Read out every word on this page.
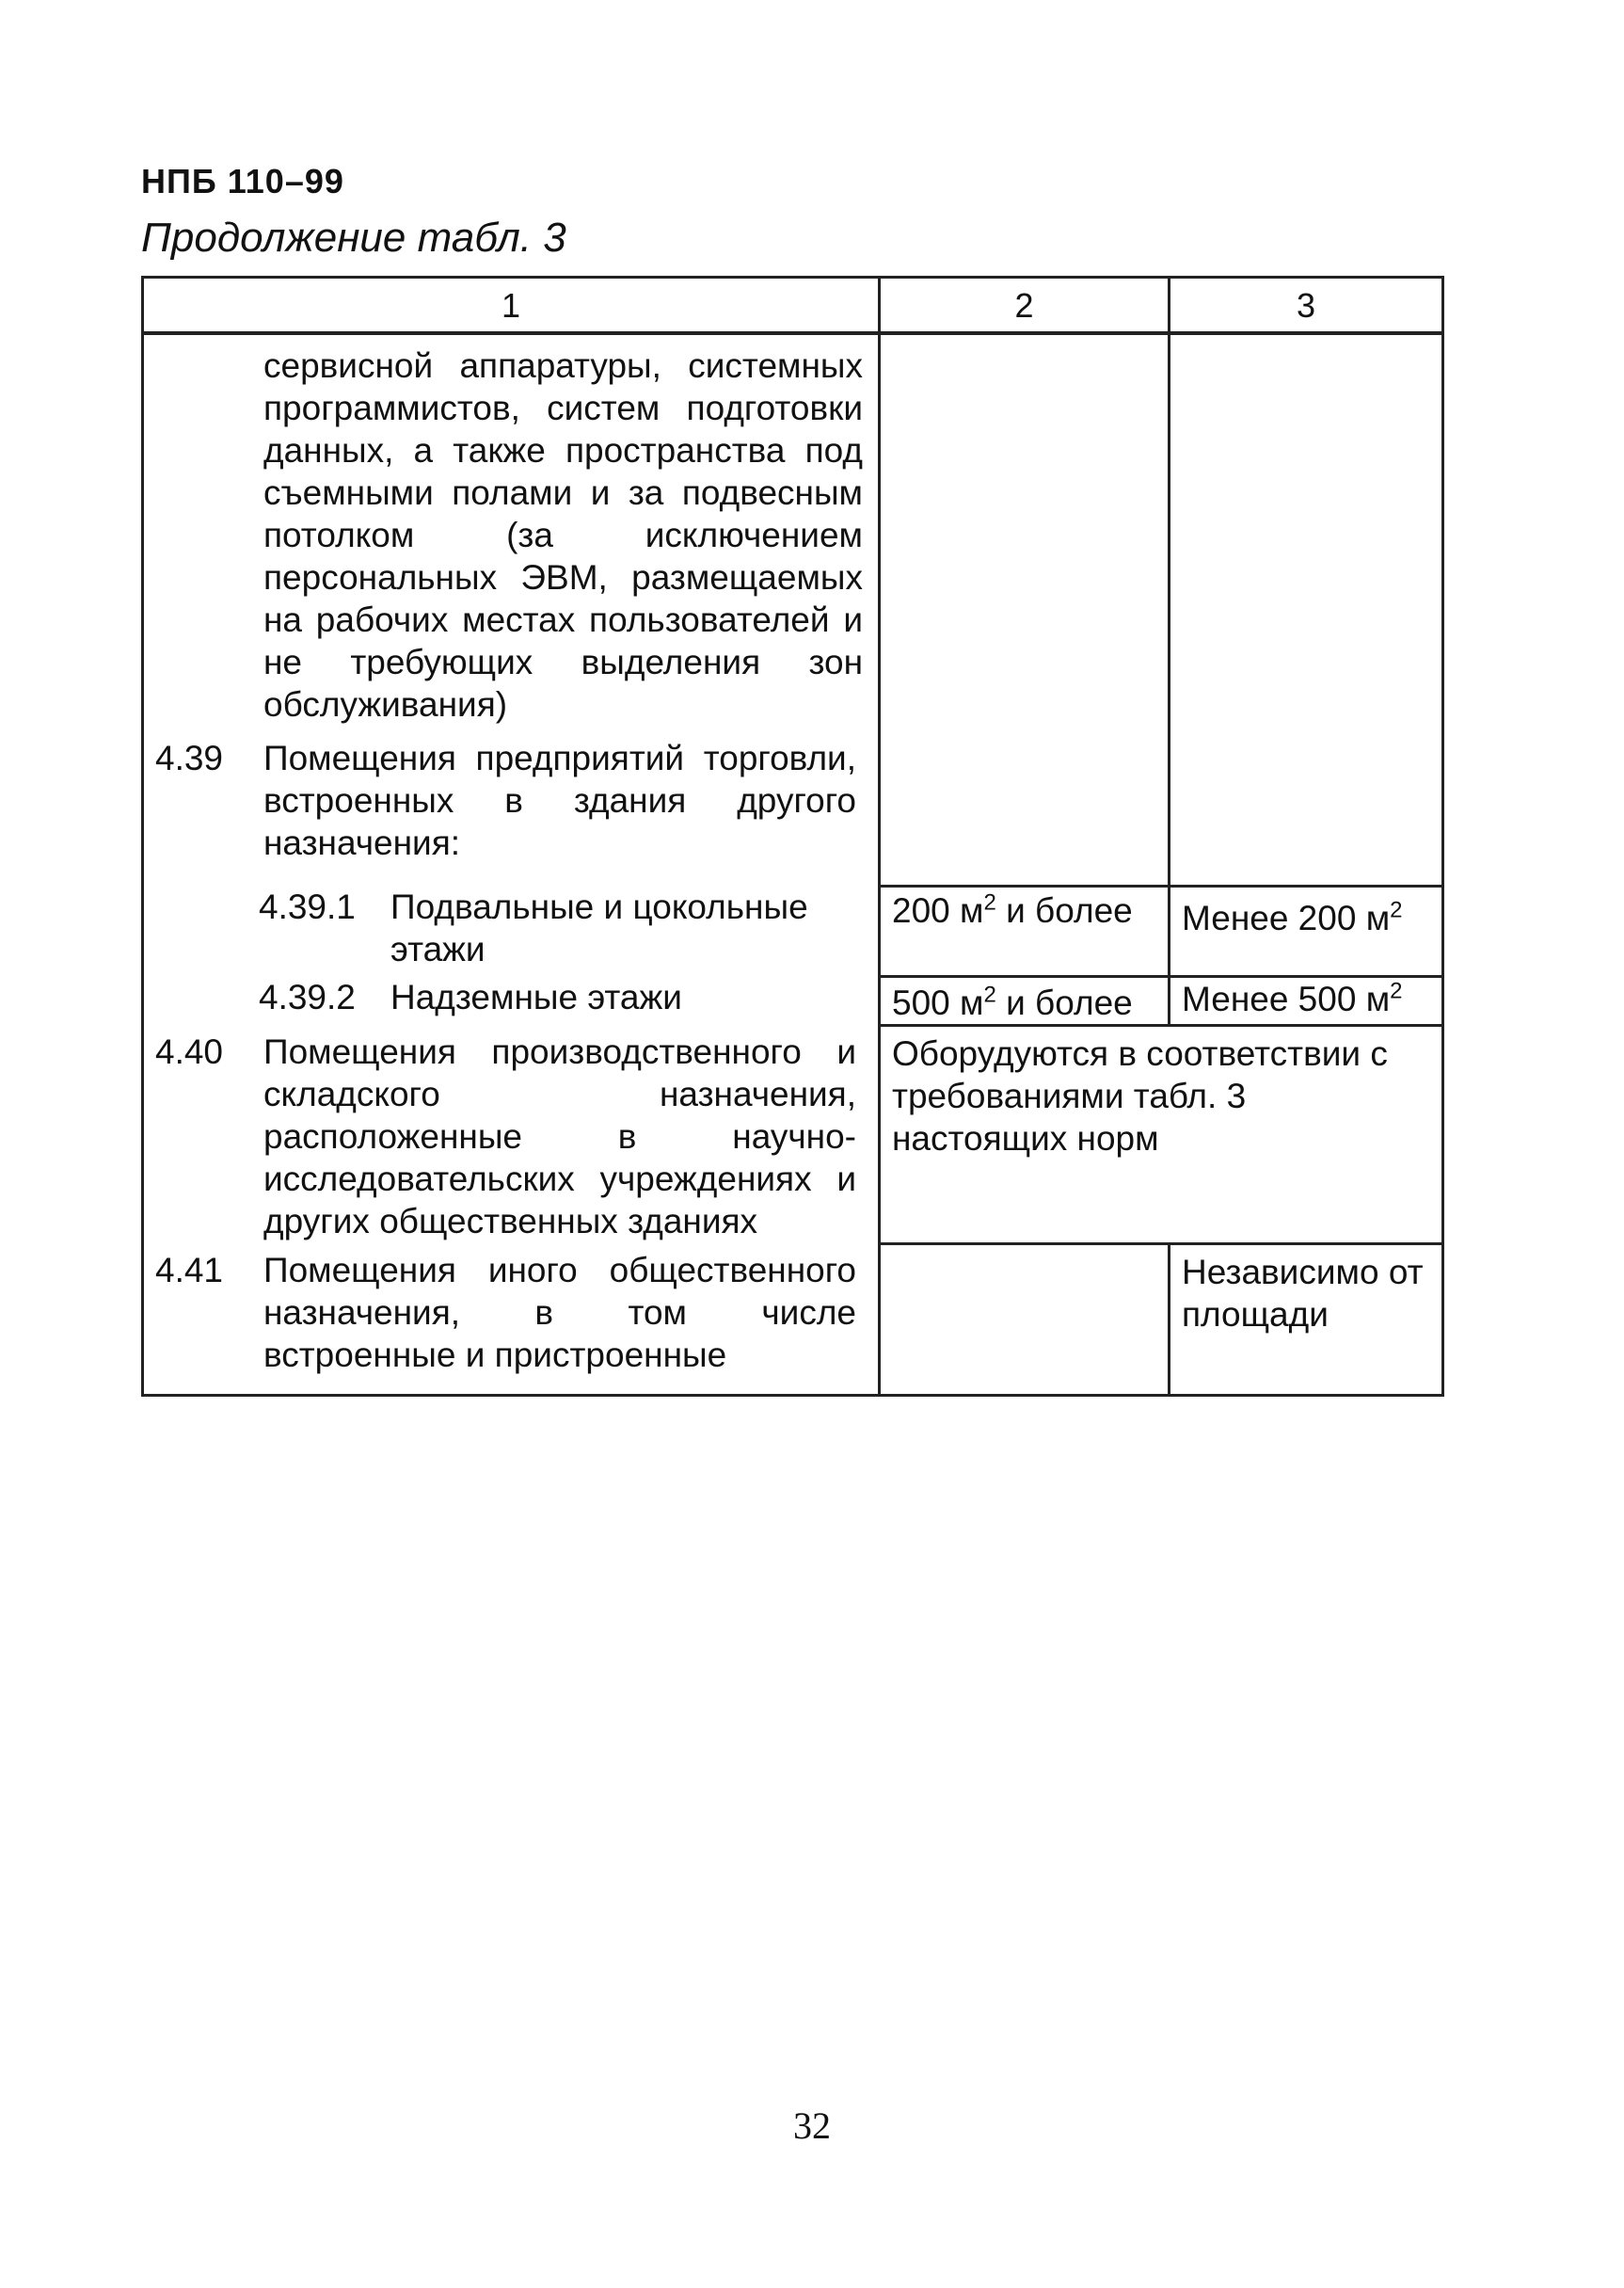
НПБ 110–99
Продолжение табл. 3
1	2	3

сервисной аппаратуры, системных программистов, систем подготовки данных, а также пространства под съемными полами и за подвесным потолком (за исключением персональных ЭВМ, размещаемых на рабочих местах пользователей и не требующих выделения зон обслуживания)
4.39 Помещения предприятий торговли, встроенных в здания другого назначения:		

4.39.1 Подвальные и цокольные этажи	200 $м^2$ и более	Менее 200 $м^2$

4.39.2 Надземные этажи	500 $м^2$ и более	Менее 500 $м^2$

4.40 Помещения производственного и складского назначения, расположенные в научно-исследовательских учреждениях и других общественных зданиях	Оборудуются в соответствии с требованиями табл. 3 настоящих норм	

4.41 Помещения иного общественного назначения, в том числе встроенные и пристроенные		Независимо от площади
32
